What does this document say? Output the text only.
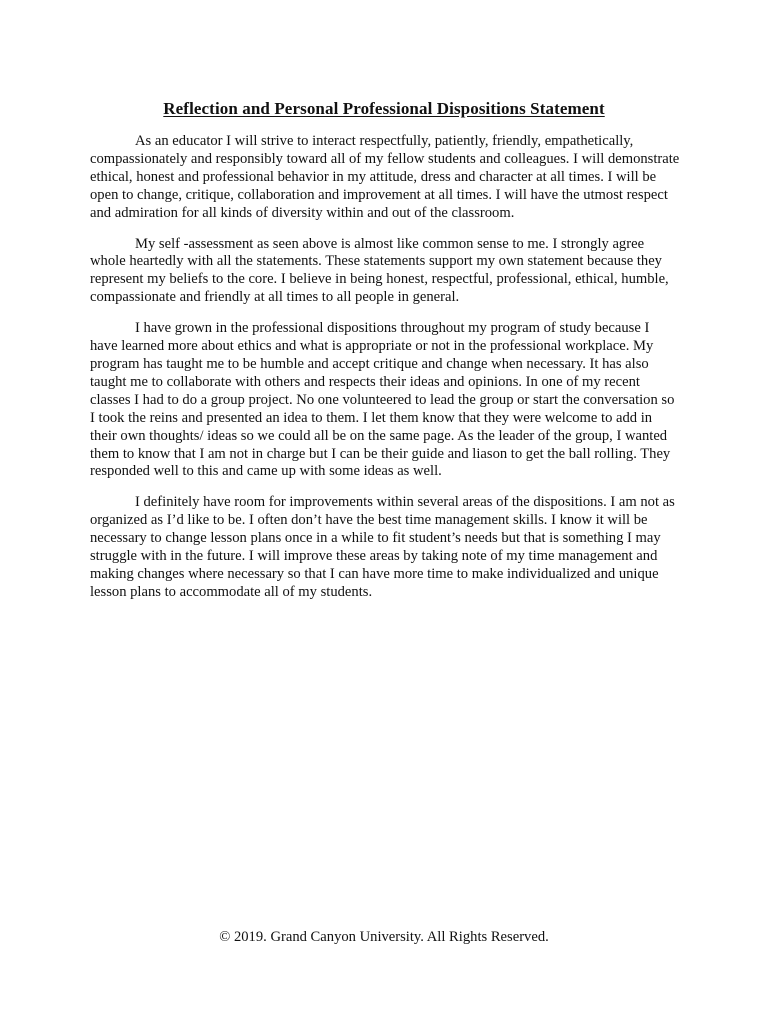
Reflection and Personal Professional Dispositions Statement

As an educator I will strive to interact respectfully, patiently, friendly, empathetically, compassionately and responsibly toward all of my fellow students and colleagues. I will demonstrate ethical, honest and professional behavior in my attitude, dress and character at all times. I will be open to change, critique, collaboration and improvement at all times. I will have the utmost respect and admiration for all kinds of diversity within and out of the classroom.

My self -assessment as seen above is almost like common sense to me. I strongly agree whole heartedly with all the statements. These statements support my own statement because they represent my beliefs to the core. I believe in being honest, respectful, professional, ethical, humble, compassionate and friendly at all times to all people in general.

I have grown in the professional dispositions throughout my program of study because I have learned more about ethics and what is appropriate or not in the professional workplace. My program has taught me to be humble and accept critique and change when necessary. It has also taught me to collaborate with others and respects their ideas and opinions. In one of my recent classes I had to do a group project. No one volunteered to lead the group or start the conversation so I took the reins and presented an idea to them. I let them know that they were welcome to add in their own thoughts/ ideas so we could all be on the same page. As the leader of the group, I wanted them to know that I am not in charge but I can be their guide and liason to get the ball rolling. They responded well to this and came up with some ideas as well.

I definitely have room for improvements within several areas of the dispositions. I am not as organized as I’d like to be. I often don’t have the best time management skills. I know it will be necessary to change lesson plans once in a while to fit student’s needs but that is something I may struggle with in the future. I will improve these areas by taking note of my time management and making changes where necessary so that I can have more time to make individualized and unique lesson plans to accommodate all of my students.

© 2019. Grand Canyon University. All Rights Reserved.
